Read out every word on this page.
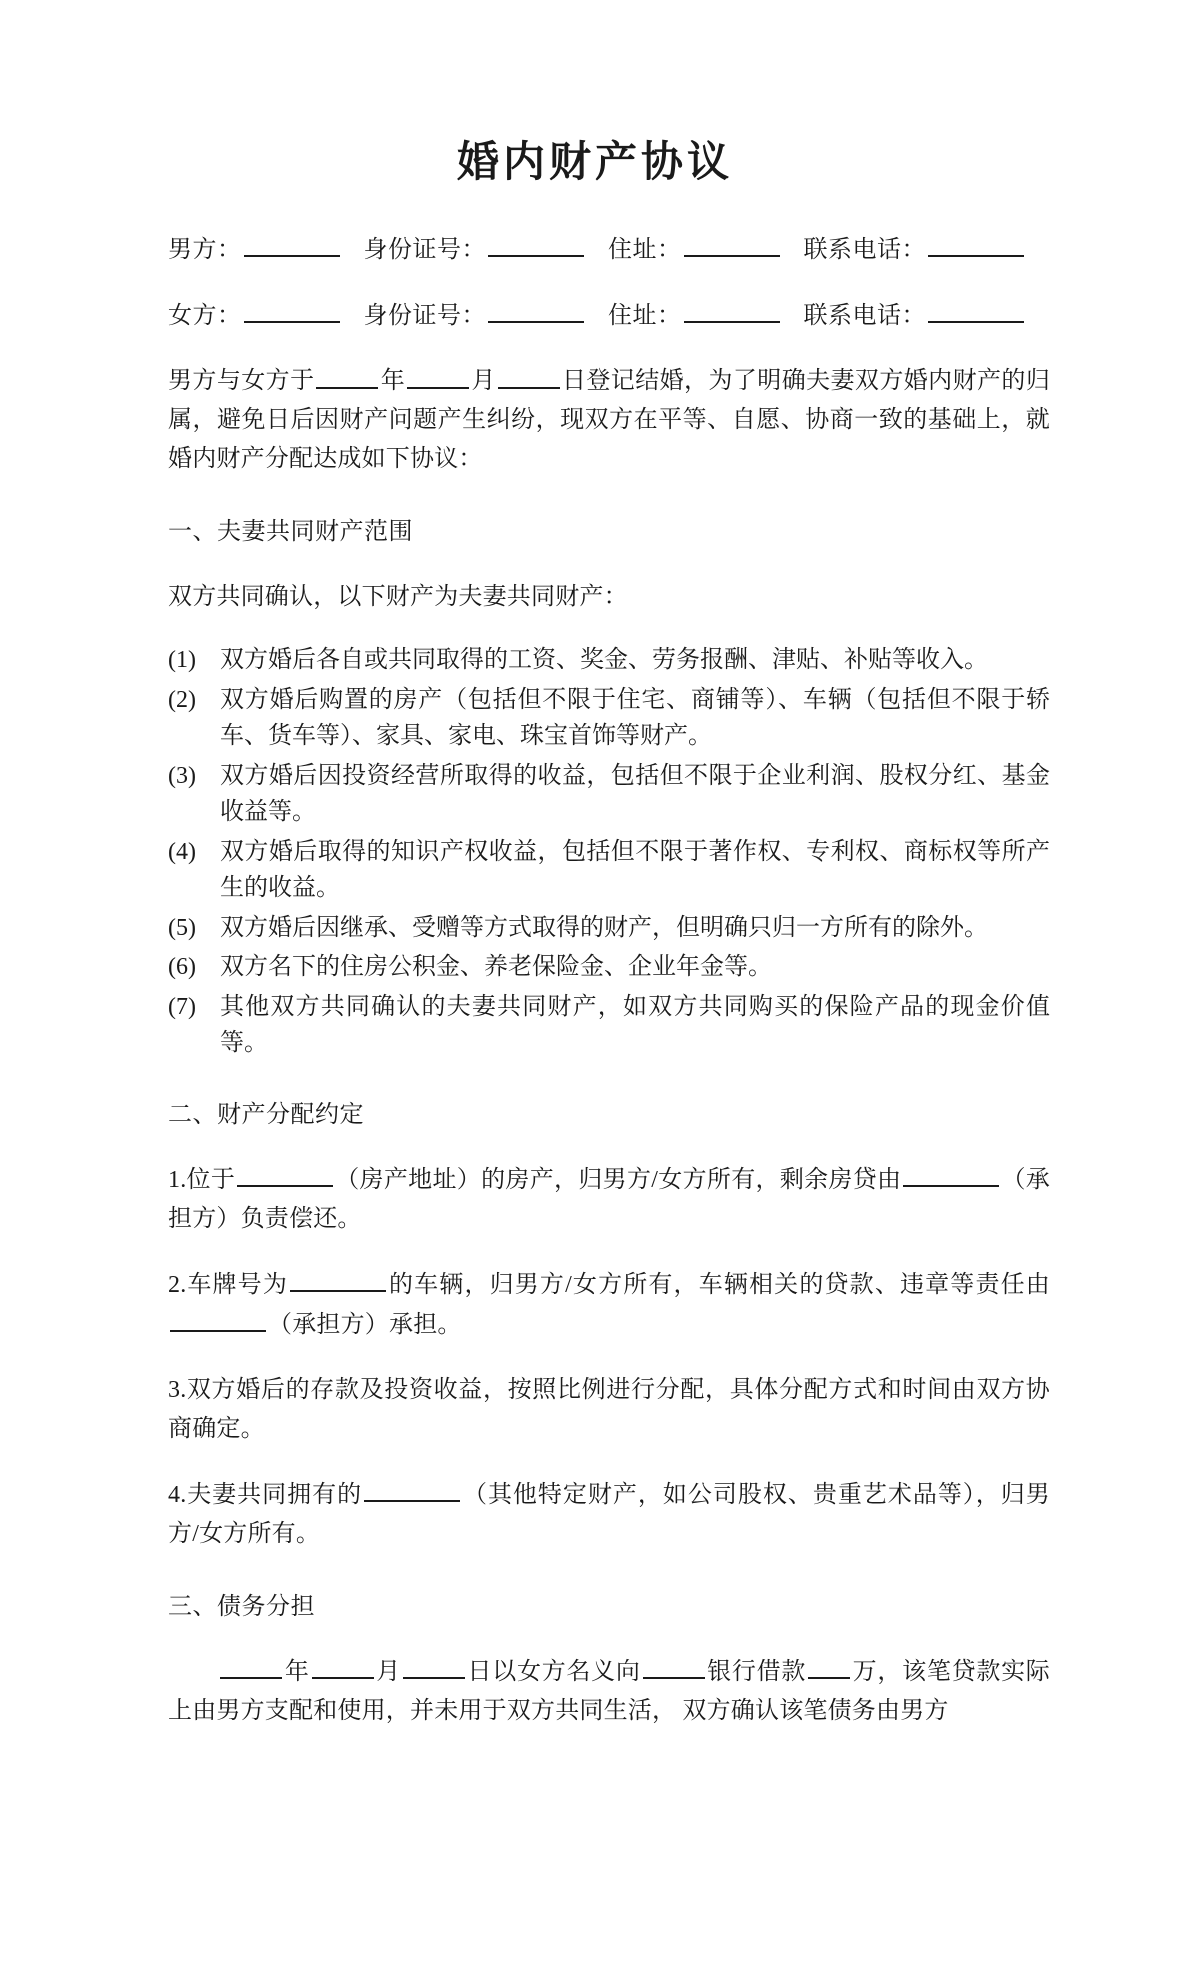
婚内财产协议
男方：	身份证号：	住址：	联系电话：
女方：	身份证号：	住址：	联系电话：

男方与女方于	年	月	日登记结婚，为了明确夫妻双方婚内财产的归属，避免日后因财产问题产生纠纷，现双方在平等、自愿、协商一致的基础上，就婚内财产分配达成如下协议：

一、夫妻共同财产范围

双方共同确认，以下财产为夫妻共同财产：

(1)	双方婚后各自或共同取得的工资、奖金、劳务报酬、津贴、补贴等收入。
(2)	双方婚后购置的房产（包括但不限于住宅、商铺等）、车辆（包括但不限于轿车、货车等）、家具、家电、珠宝首饰等财产。
(3)	双方婚后因投资经营所取得的收益，包括但不限于企业利润、股权分红、基金收益等。
(4)	双方婚后取得的知识产权收益，包括但不限于著作权、专利权、商标权等所产生的收益。
(5)	双方婚后因继承、受赠等方式取得的财产，但明确只归一方所有的除外。
(6)	双方名下的住房公积金、养老保险金、企业年金等。
(7)	其他双方共同确认的夫妻共同财产，如双方共同购买的保险产品的现金价值等。
二、财产分配约定

1.位于	（房产地址）的房产，归男方/女方所有，剩余房贷由	（承担方）负责偿还。

2.车牌号为	的车辆，归男方/女方所有，车辆相关的贷款、违章等责任由（承担方）承担。

3.双方婚后的存款及投资收益，按照比例进行分配，具体分配方式和时间由双方协商确定。

4.夫妻共同拥有的	（其他特定财产，如公司股权、贵重艺术品等），归男方/女方所有。

三、债务分担

年	月	日以女方名义向	银行借款 万，该笔贷款实际上由男方支配和使用，并未用于双方共同生活， 双方确认该笔债务由男方
